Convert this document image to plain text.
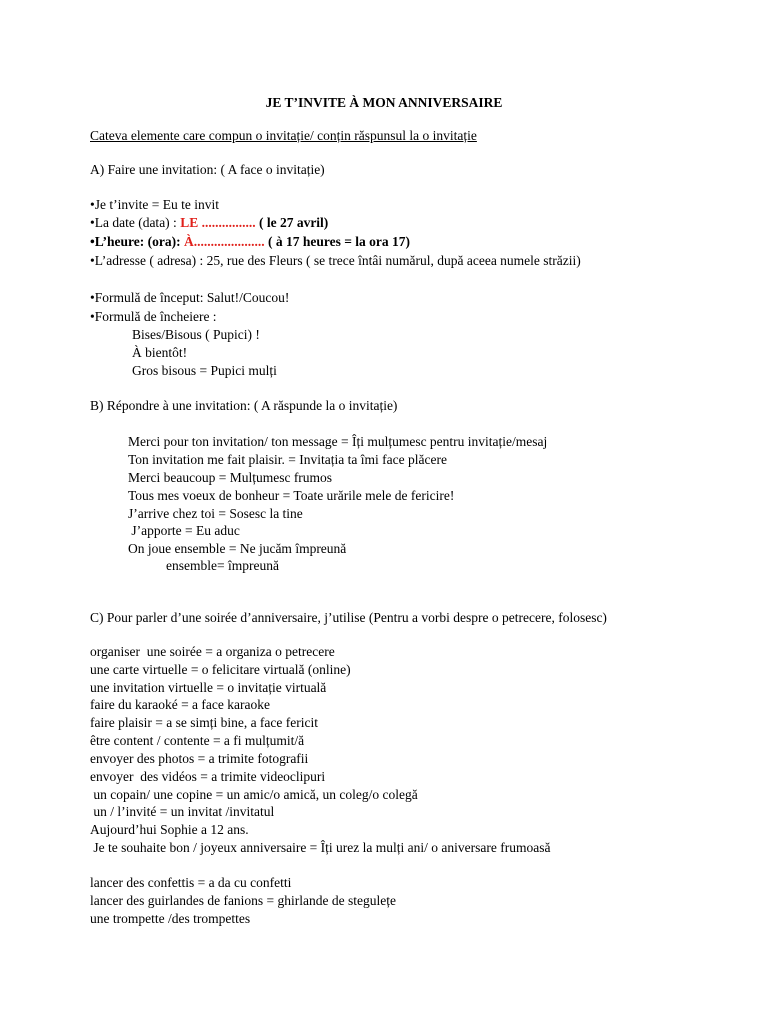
JE T’INVITE À MON ANNIVERSAIRE
Cateva elemente care compun o invitație/ conțin răspunsul la o invitație
A) Faire une invitation: ( A face o invitație)
•Je t’invite = Eu te invit
•La date (data) : LE ................ ( le 27 avril)
•L’heure: (ora): À..................... ( à 17 heures = la ora 17)
•L’adresse ( adresa) : 25, rue des Fleurs ( se trece întâi numărul, după aceea numele străzii)
•Formulă de început: Salut!/Coucou!
•Formulă de încheiere :
Bises/Bisous ( Pupici) !
À bientôt!
Gros bisous = Pupici mulți
B) Répondre à une invitation: ( A răspunde la o invitație)
Merci pour ton invitation/ ton message = Îți mulțumesc pentru invitație/mesaj
Ton invitation me fait plaisir. = Invitația ta îmi face plăcere
Merci beaucoup = Mulțumesc frumos
Tous mes voeux de bonheur = Toate urările mele de fericire!
J’arrive chez toi = Sosesc la tine
J’apporte = Eu aduc
On joue ensemble = Ne jucăm împreună
ensemble= împreună
C) Pour parler d’une soirée d’anniversaire, j’utilise (Pentru a vorbi despre o petrecere, folosesc)
organiser  une soirée = a organiza o petrecere
une carte virtuelle = o felicitare virtuală (online)
une invitation virtuelle = o invitație virtuală
faire du karaoké = a face karaoke
faire plaisir = a se simți bine, a face fericit
être content / contente = a fi mulțumit/ă
envoyer des photos = a trimite fotografii
envoyer  des vidéos = a trimite videoclipuri
un copain/ une copine = un amic/o amică, un coleg/o colegă
un / l’invité = un invitat /invitatul
Aujourd’hui Sophie a 12 ans.
Je te souhaite bon / joyeux anniversaire = Îți urez la mulți ani/ o aniversare frumoasă
lancer des confettis = a da cu confetti
lancer des guirlandes de fanions = ghirlande de stegulețe
une trompette /des trompettes
